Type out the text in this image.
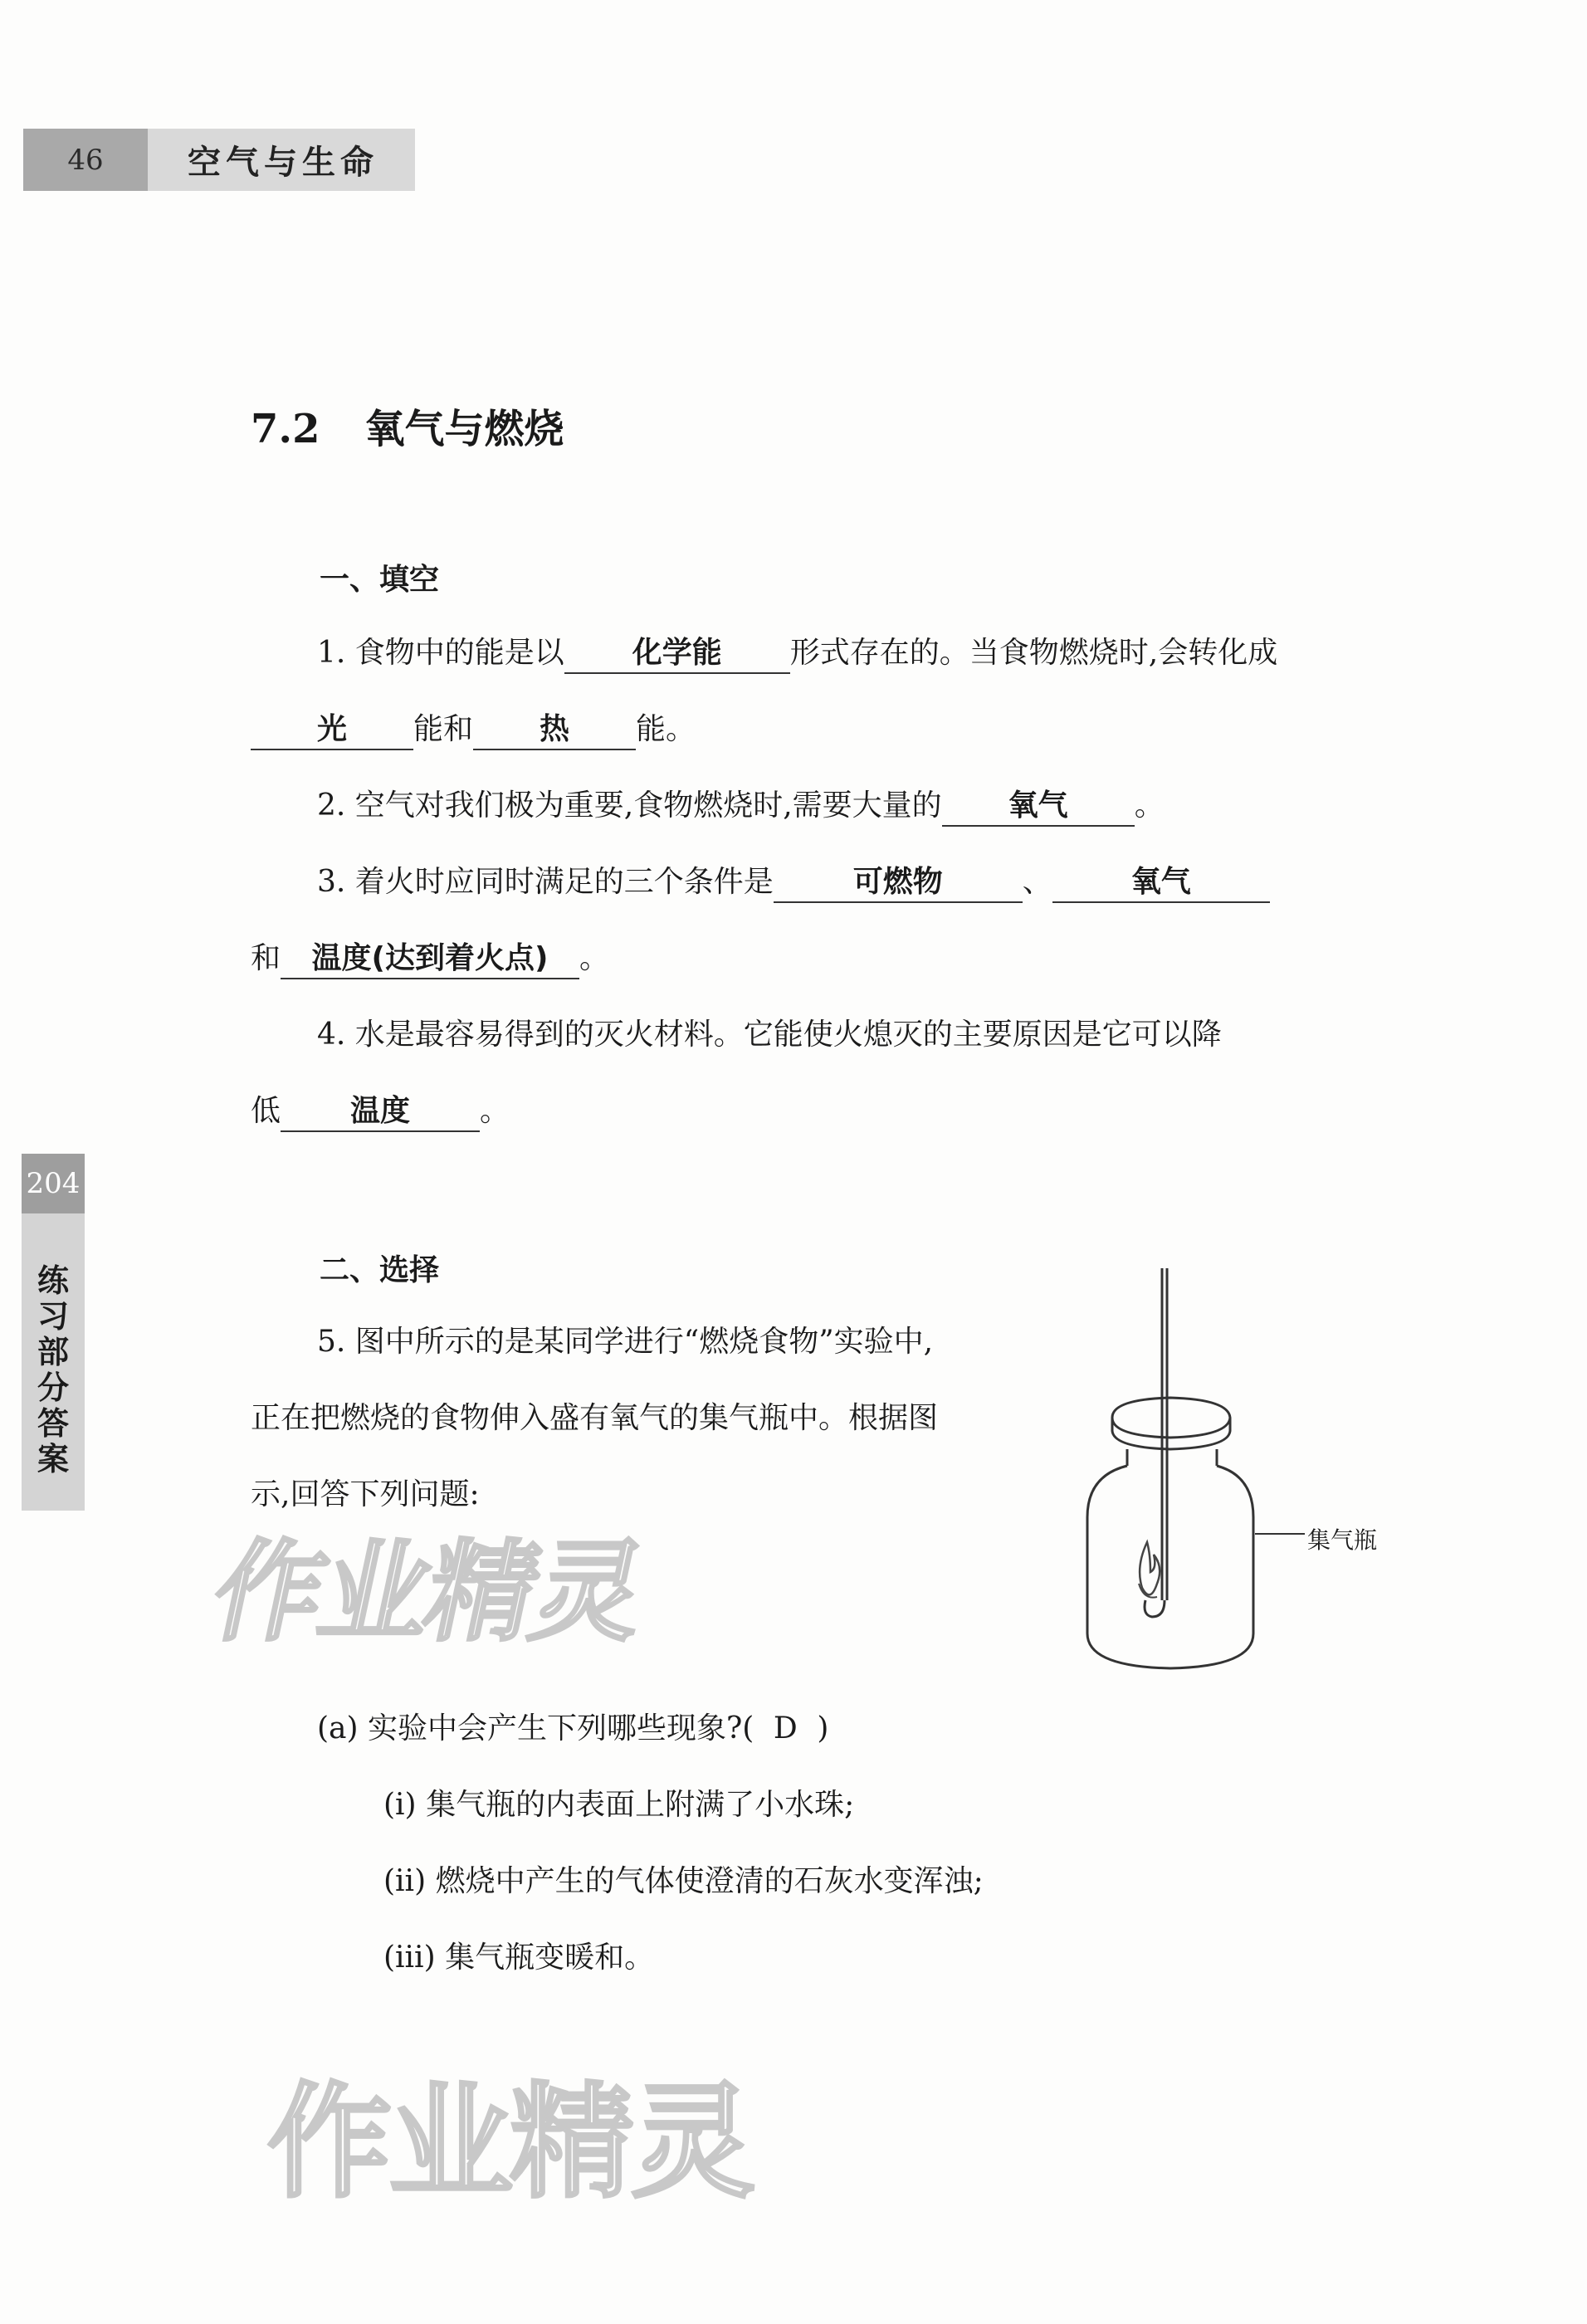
46	空气与生命
204
练
习
部
分
答
案
7.2 氧气与燃烧
一、填空
1. 食物中的能是以 化学能 形式存在的。当食物燃烧时,会转化成
光 能和 热 能。
2. 空气对我们极为重要,食物燃烧时,需要大量的 氧气 。
3. 着火时应同时满足的三个条件是	可燃物	、	氧气
和 温度(达到着火点) 。
4. 水是最容易得到的灭火材料。它能使火熄灭的主要原因是它可以降
低 温度 。
二、选择
5. 图中所示的是某同学进行“燃烧食物”实验中,
正在把燃烧的食物伸入盛有氧气的集气瓶中。根据图
示,回答下列问题:
集气瓶
(a) 实验中会产生下列哪些现象?( D )
(ⅰ) 集气瓶的内表面上附满了小水珠;
(ⅱ) 燃烧中产生的气体使澄清的石灰水变浑浊;
(ⅲ) 集气瓶变暖和。
作业精灵
作业精灵
